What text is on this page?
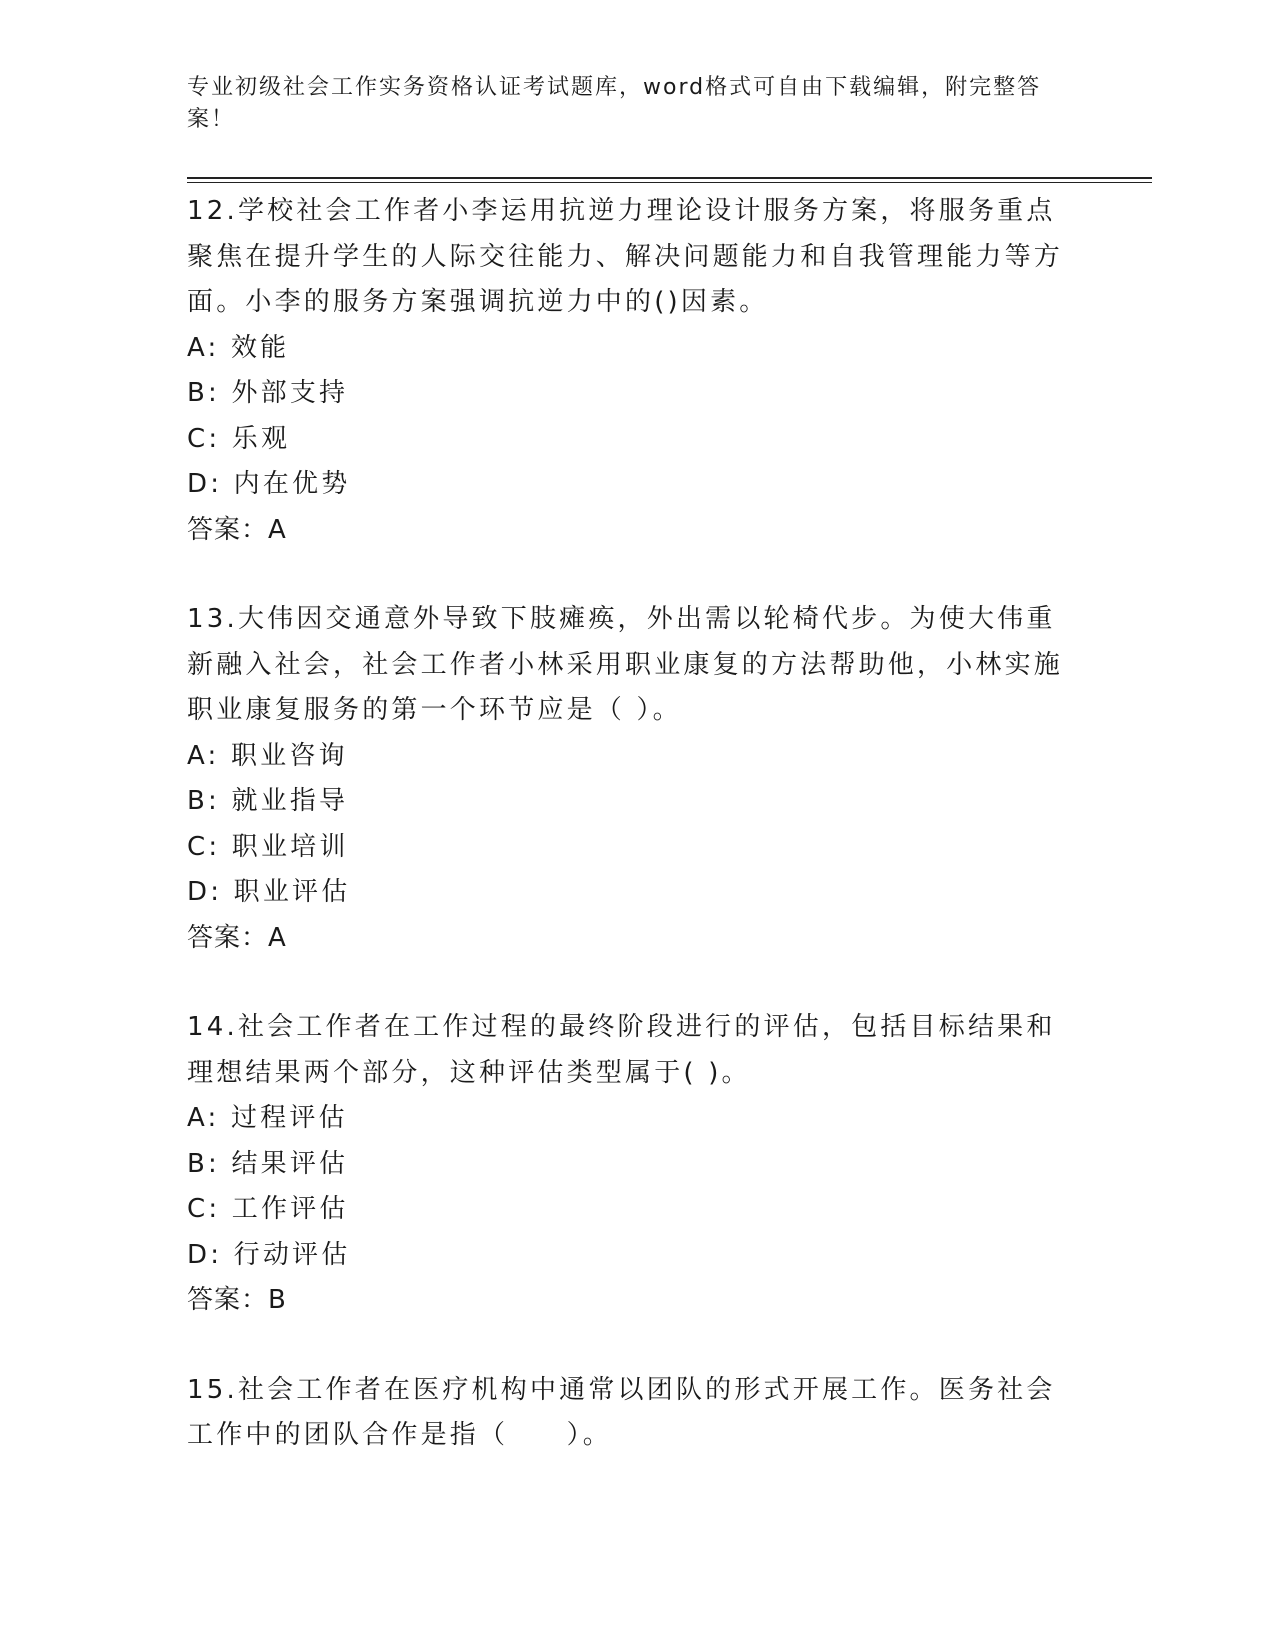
专业初级社会工作实务资格认证考试题库，word格式可自由下载编辑，附完整答案！

12.学校社会工作者小李运用抗逆力理论设计服务方案，将服务重点聚焦在提升学生的人际交往能力、解决问题能力和自我管理能力等方面。小李的服务方案强调抗逆力中的()因素。

A: 效能

B: 外部支持

C: 乐观

D: 内在优势

答案：A

13.大伟因交通意外导致下肢瘫痪，外出需以轮椅代步。为使大伟重新融入社会，社会工作者小林采用职业康复的方法帮助他，小林实施职业康复服务的第一个环节应是（ ）。

A: 职业咨询

B: 就业指导

C: 职业培训

D: 职业评估

答案：A

14.社会工作者在工作过程的最终阶段进行的评估，包括目标结果和理想结果两个部分，这种评估类型属于( )。

A: 过程评估

B: 结果评估

C: 工作评估

D: 行动评估

答案：B

15.社会工作者在医疗机构中通常以团队的形式开展工作。医务社会工作中的团队合作是指（　　）。
